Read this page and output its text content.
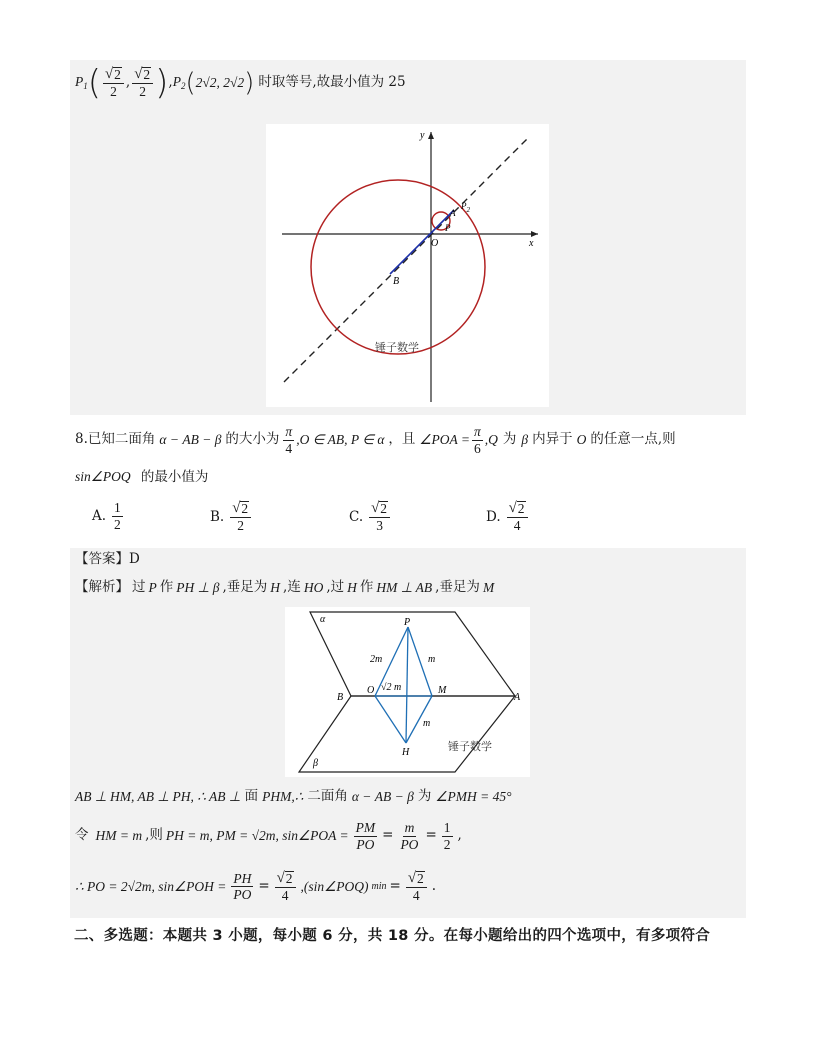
$P_1$ ( $\frac{√ 2}{2}$ , $\frac{√ 2}{2}$ ) , $P_2$ ( 2√2, 2√2 ) 时取等号,故最小值为 25
y
x
O
B
A
P
$P_2$
锤子数学
8. 已知二面角 α − AB − β 的大小为 $\frac{\pi}{4} ,O$ ∈ AB, P ∈ α ，且 ∠POA = $\frac{\pi}{6} ,Q$ 为 β 内异于 O 的任意一点,则
sin∠POQ 的最小值为
A. $\frac{1}{2}$	B. $\frac{√ 2}{2}$	C. $\frac{√ 2}{3}$	D. $\frac{√ 2}{4}$
【答案】D
【解析】 过 P 作 PH ⊥ β ,垂足为 H ,连 HO ,过 H 作 HM ⊥ AB ,垂足为 M
α
β
P
B
O	M
A
H
2m	m
√2 m
m
锤子数学
AB ⊥ HM, AB ⊥ PH, ∴ AB ⊥ 面 PHM,∴ 二面角 α − AB − β 为 ∠PMH = 45°
令 HM = m ,则 PH = m, PM = √2m, sin∠POA = $\frac{PM}{PO} = \frac{m}{PO} = \frac{1}{2}$ ,
∴ PO = 2√2m, sin∠POH = $\frac{PH}{PO} = \frac{√ 2}{4}$ ,(sin∠POQ) $\min = \frac{√ 2}{4}$ .
二、多选题：本题共 3 小题，每小题 6 分，共 18 分。在每小题给出的四个选项中，有多项符合
